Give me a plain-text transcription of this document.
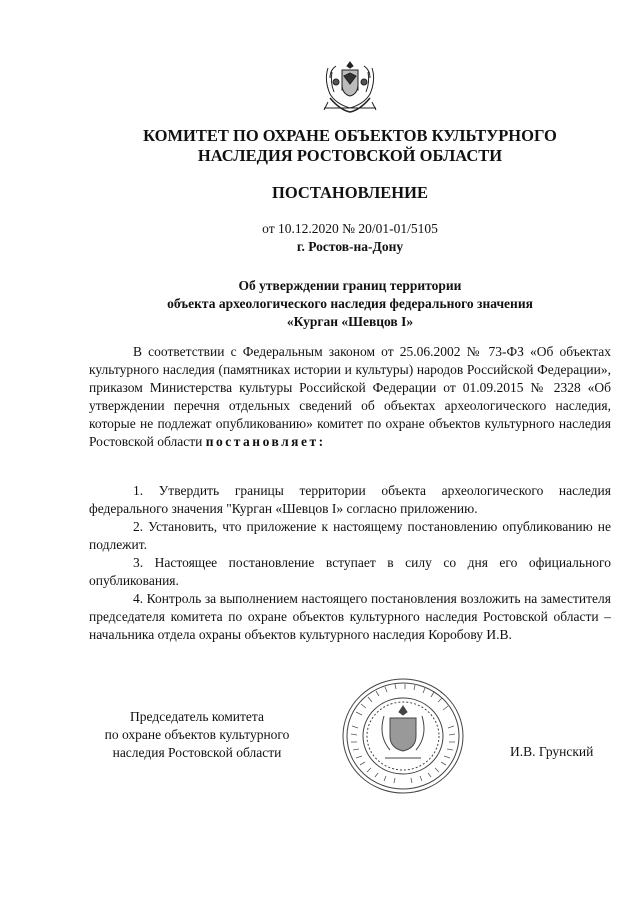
КОМИТЕТ ПО ОХРАНЕ ОБЪЕКТОВ КУЛЬТУРНОГО
НАСЛЕДИЯ РОСТОВСКОЙ ОБЛАСТИ
ПОСТАНОВЛЕНИЕ
от 10.12.2020 № 20/01-01/5105
г. Ростов-на-Дону
Об утверждении границ территории
объекта археологического наследия федерального значения
«Курган «Шевцов I»

В соответствии с Федеральным законом от 25.06.2002 № 73-ФЗ «Об объектах культурного наследия (памятниках истории и культуры) народов Российской Федерации», приказом Министерства культуры Российской Федерации от 01.09.2015 № 2328 «Об утверждении перечня отдельных сведений об объектах археологического наследия, которые не подлежат опубликованию» комитет по охране объектов культурного наследия Ростовской области постановляет:

1. Утвердить границы территории объекта археологического наследия федерального значения "Курган «Шевцов I» согласно приложению.

2. Установить, что приложение к настоящему постановлению опубликованию не подлежит.

3. Настоящее постановление вступает в силу со дня его официального опубликования.

4. Контроль за выполнением настоящего постановления возложить на заместителя председателя комитета по охране объектов культурного наследия Ростовской области – начальника отдела охраны объектов культурного наследия Коробову И.В.

Председатель комитета
по охране объектов культурного
наследия Ростовской области	И.В. Грунский
